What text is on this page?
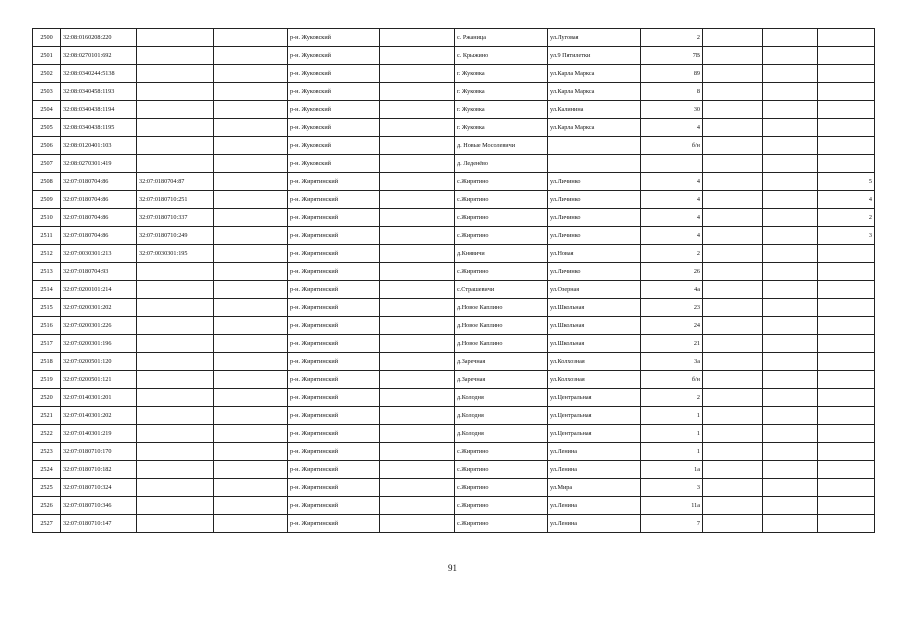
2500	32:08:0160208:220			р-н. Жуковский		с. Ржаница	ул.Луговая	2			
2501	32:08:0270101:692			р-н. Жуковский		с. Крыжино	ул.9 Пятилетки	7В			
2502	32:08:0340244:5138			р-н. Жуковский		г. Жуковка	ул.Карла Маркса	89			
2503	32:08:0340458:1193			р-н. Жуковский		г. Жуковка	ул.Карла Маркса	8			
2504	32:08:0340438:1194			р-н. Жуковский		г. Жуковка	ул.Калинина	30			
2505	32:08:0340438:1195			р-н. Жуковский		г. Жуковка	ул.Карла Маркса	4			
2506	32:08:0120401:103			р-н. Жуковский		д. Новые Мосолевичи		б/н			
2507	32:08:0270301:419			р-н. Жуковский		д. Леденёво					
2508	32:07:0180704:86	32:07:0180704:87		р-н. Жирятинский		с.Жирятино	ул.Личинко	4			5
2509	32:07:0180704:86	32:07:0180710:251		р-н. Жирятинский		с.Жирятино	ул.Личинко	4			4
2510	32:07:0180704:86	32:07:0180710:337		р-н. Жирятинский		с.Жирятино	ул.Личинко	4			2
2511	32:07:0180704:86	32:07:0180710:249		р-н. Жирятинский		с.Жирятино	ул.Личинко	4			3
2512	32:07:0030301:213	32:07:0030301:195		р-н. Жирятинский		д.Княвичи	ул.Новая	2			
2513	32:07:0180704:93			р-н. Жирятинский		с.Жирятино	ул.Личинко	26			
2514	32:07:0200101:214			р-н. Жирятинский		с.Страшевичи	ул.Озерная	4а			
2515	32:07:0200301:202			р-н. Жирятинский		д.Новое Каплино	ул.Школьная	23			
2516	32:07:0200301:226			р-н. Жирятинский		д.Новое Каплино	ул.Школьная	24			
2517	32:07:0200301:196			р-н. Жирятинский		д.Новое Каплино	ул.Школьная	21			
2518	32:07:0200501:120			р-н. Жирятинский		д.Заречная	ул.Колхозная	3а			
2519	32:07:0200501:121			р-н. Жирятинский		д.Заречная	ул.Колхозная	б/н			
2520	32:07:0140301:201			р-н. Жирятинский		д.Колодня	ул.Центральная	2			
2521	32:07:0140301:202			р-н. Жирятинский		д.Колодня	ул.Центральная	1			
2522	32:07:0140301:219			р-н. Жирятинский		д.Колодня	ул.Центральная	1			
2523	32:07:0180710:170			р-н. Жирятинский		с.Жирятино	ул.Ленина	1			
2524	32:07:0180710:182			р-н. Жирятинский		с.Жирятино	ул.Ленина	1а			
2525	32:07:0180710:324			р-н. Жирятинский		с.Жирятино	ул.Мира	3			
2526	32:07:0180710:346			р-н. Жирятинский		с.Жирятино	ул.Ленина	11а			
2527	32:07:0180710:147			р-н. Жирятинский		с.Жирятино	ул.Ленина	7			
91
